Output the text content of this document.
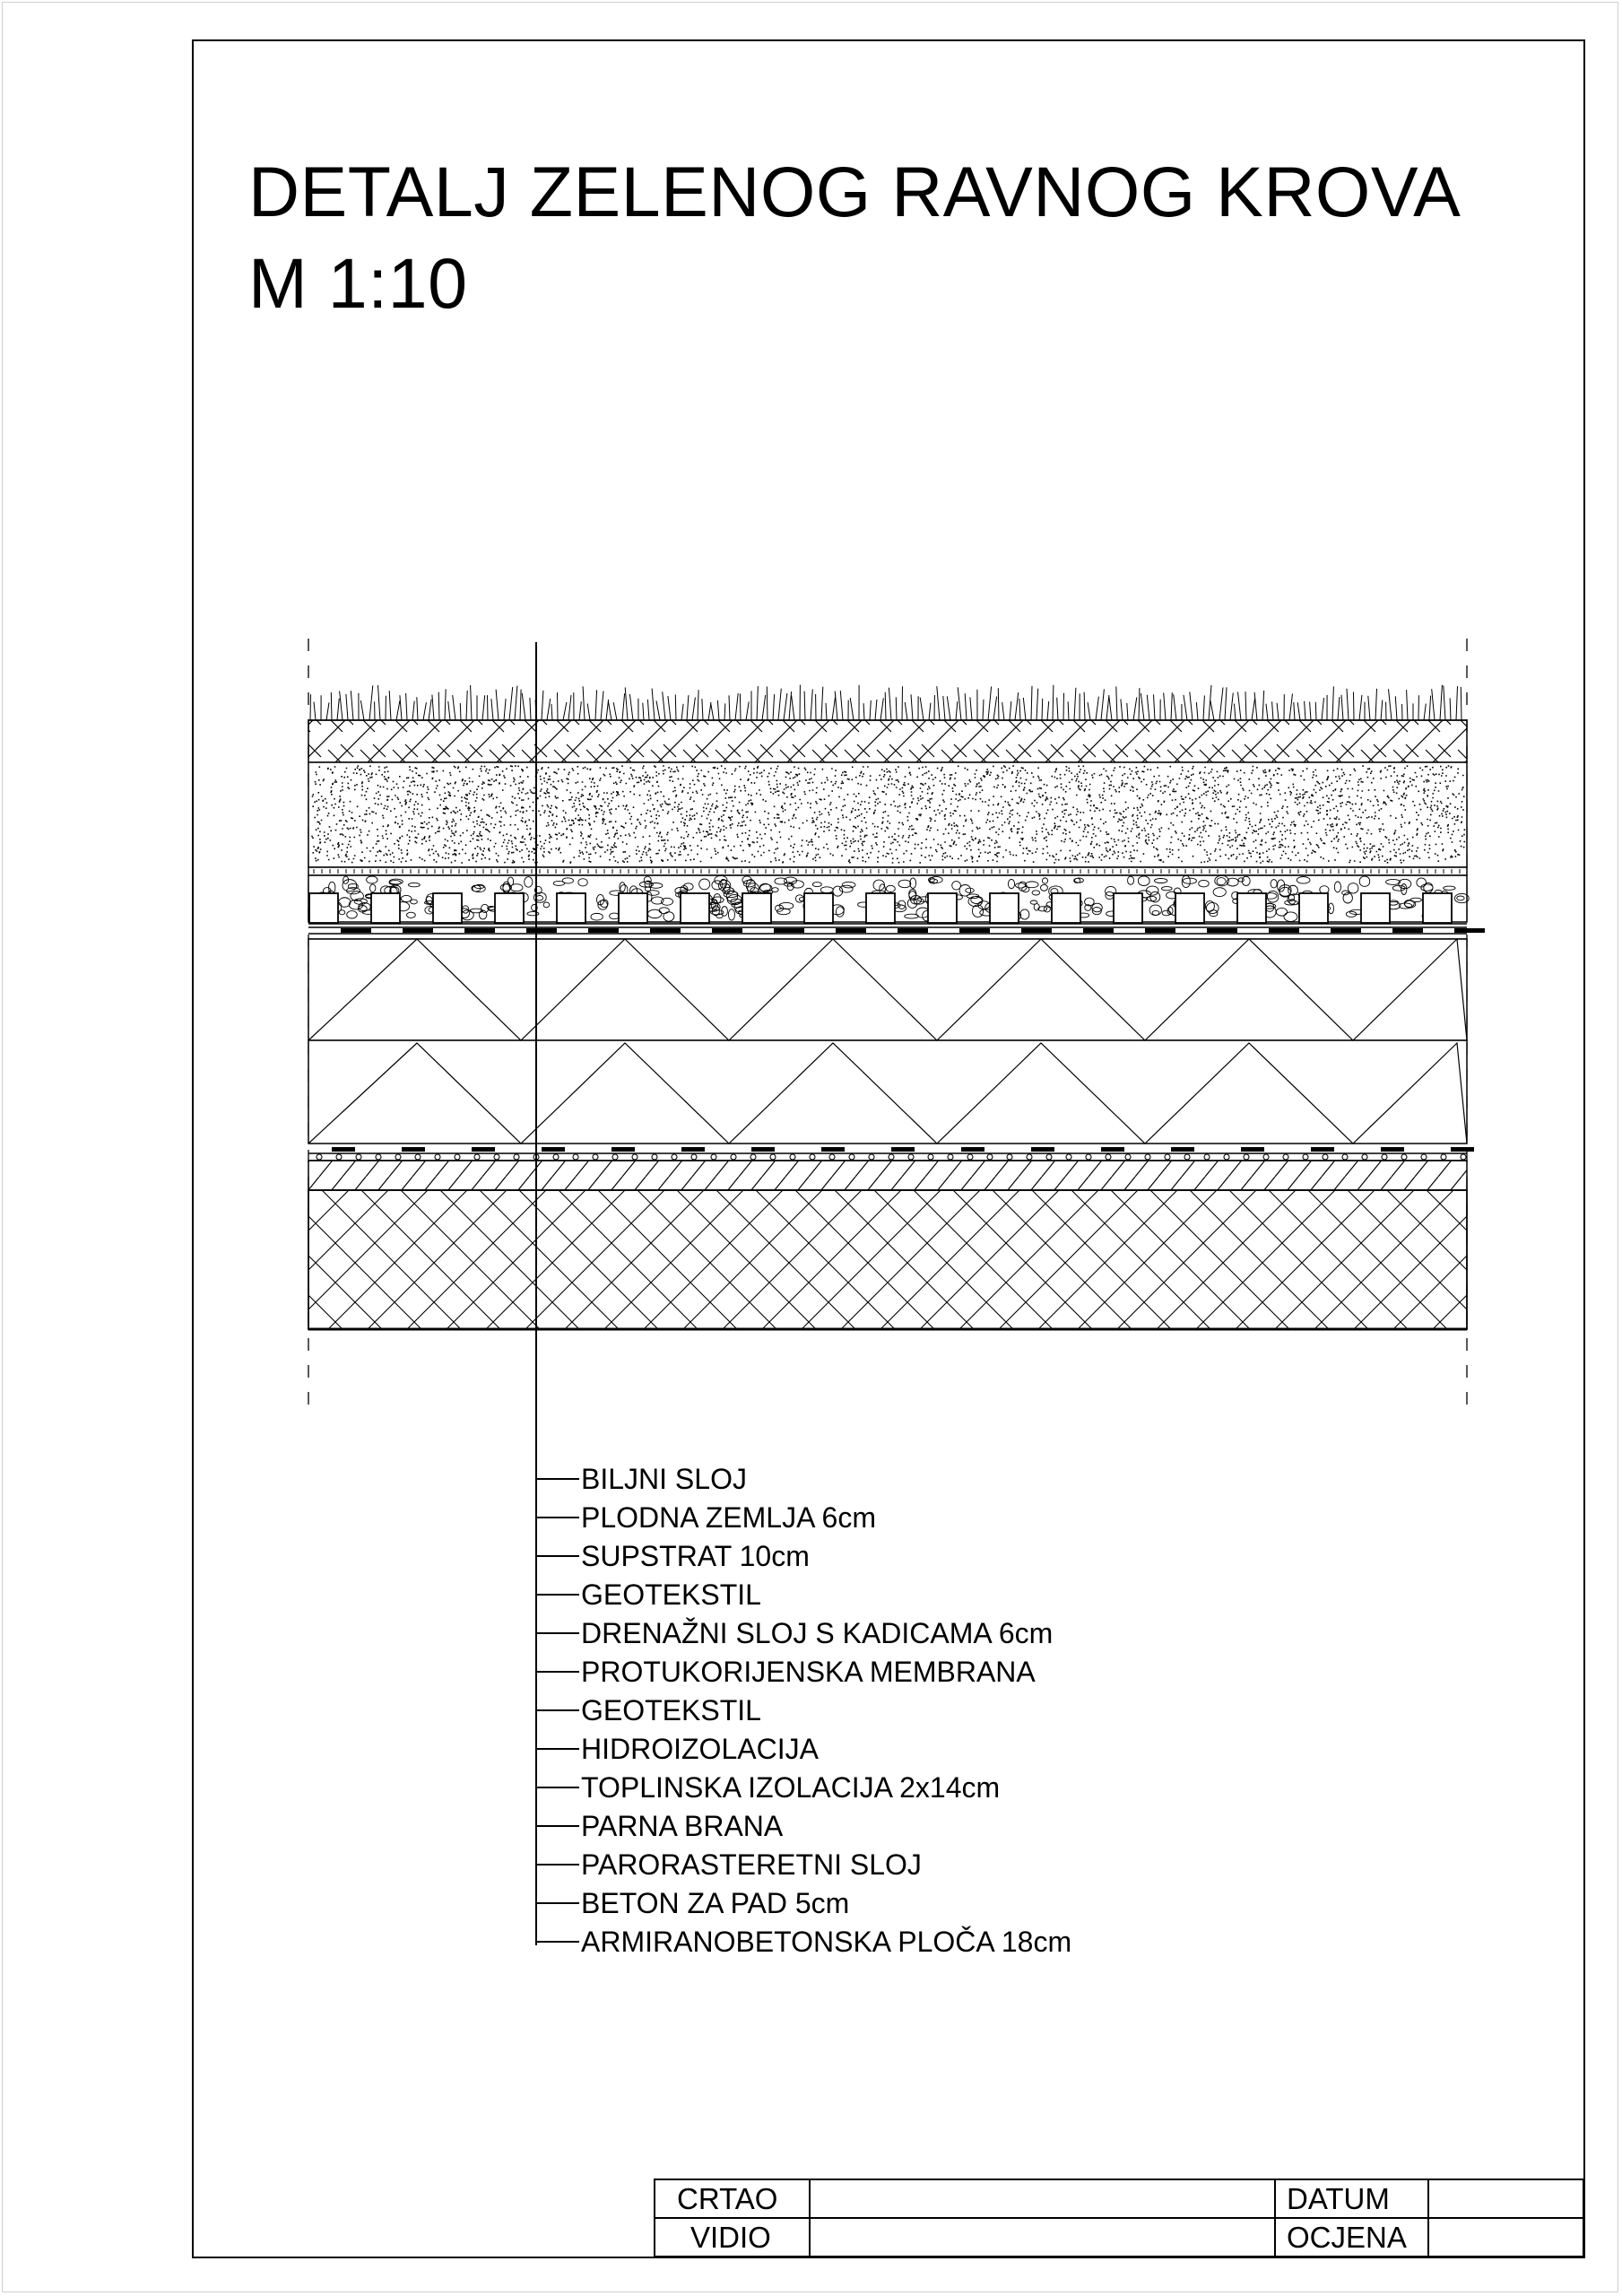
DETALJ ZELENOG RAVNOG KROVA
M 1:10
BILJNI SLOJ
PLODNA ZEMLJA 6cm
SUPSTRAT 10cm
GEOTEKSTIL
DRENAŽNI SLOJ S KADICAMA 6cm
PROTUKORIJENSKA MEMBRANA
GEOTEKSTIL
HIDROIZOLACIJA
TOPLINSKA IZOLACIJA 2x14cm
PARNA BRANA
PARORASTERETNI SLOJ
BETON ZA PAD 5cm
ARMIRANOBETONSKA PLOČA 18cm
CRTAO
VIDIO
DATUM
OCJENA
